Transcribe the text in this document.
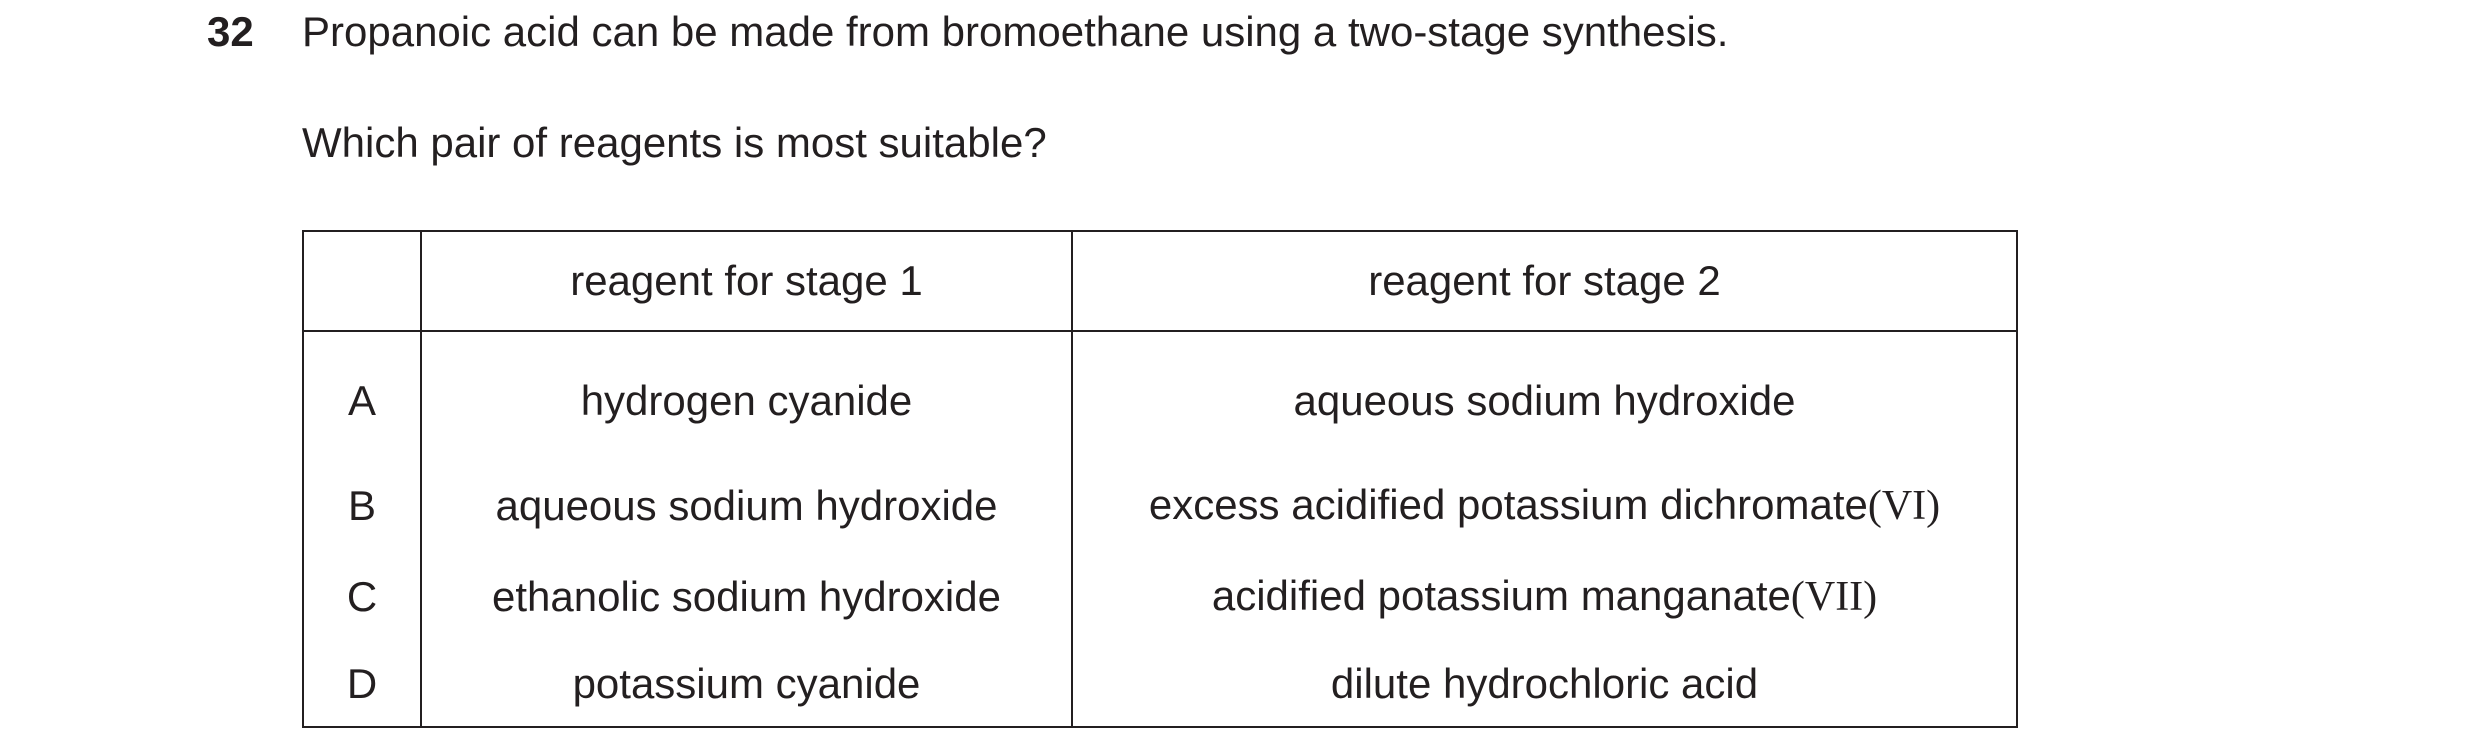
32 Propanoic acid can be made from bromoethane using a two-stage synthesis.
Which pair of reagents is most suitable?
	reagent for stage 1	reagent for stage 2
A	hydrogen cyanide	aqueous sodium hydroxide
B	aqueous sodium hydroxide	excess acidified potassium dichromate(VI)
C	ethanolic sodium hydroxide	acidified potassium manganate(VII)
D	potassium cyanide	dilute hydrochloric acid
